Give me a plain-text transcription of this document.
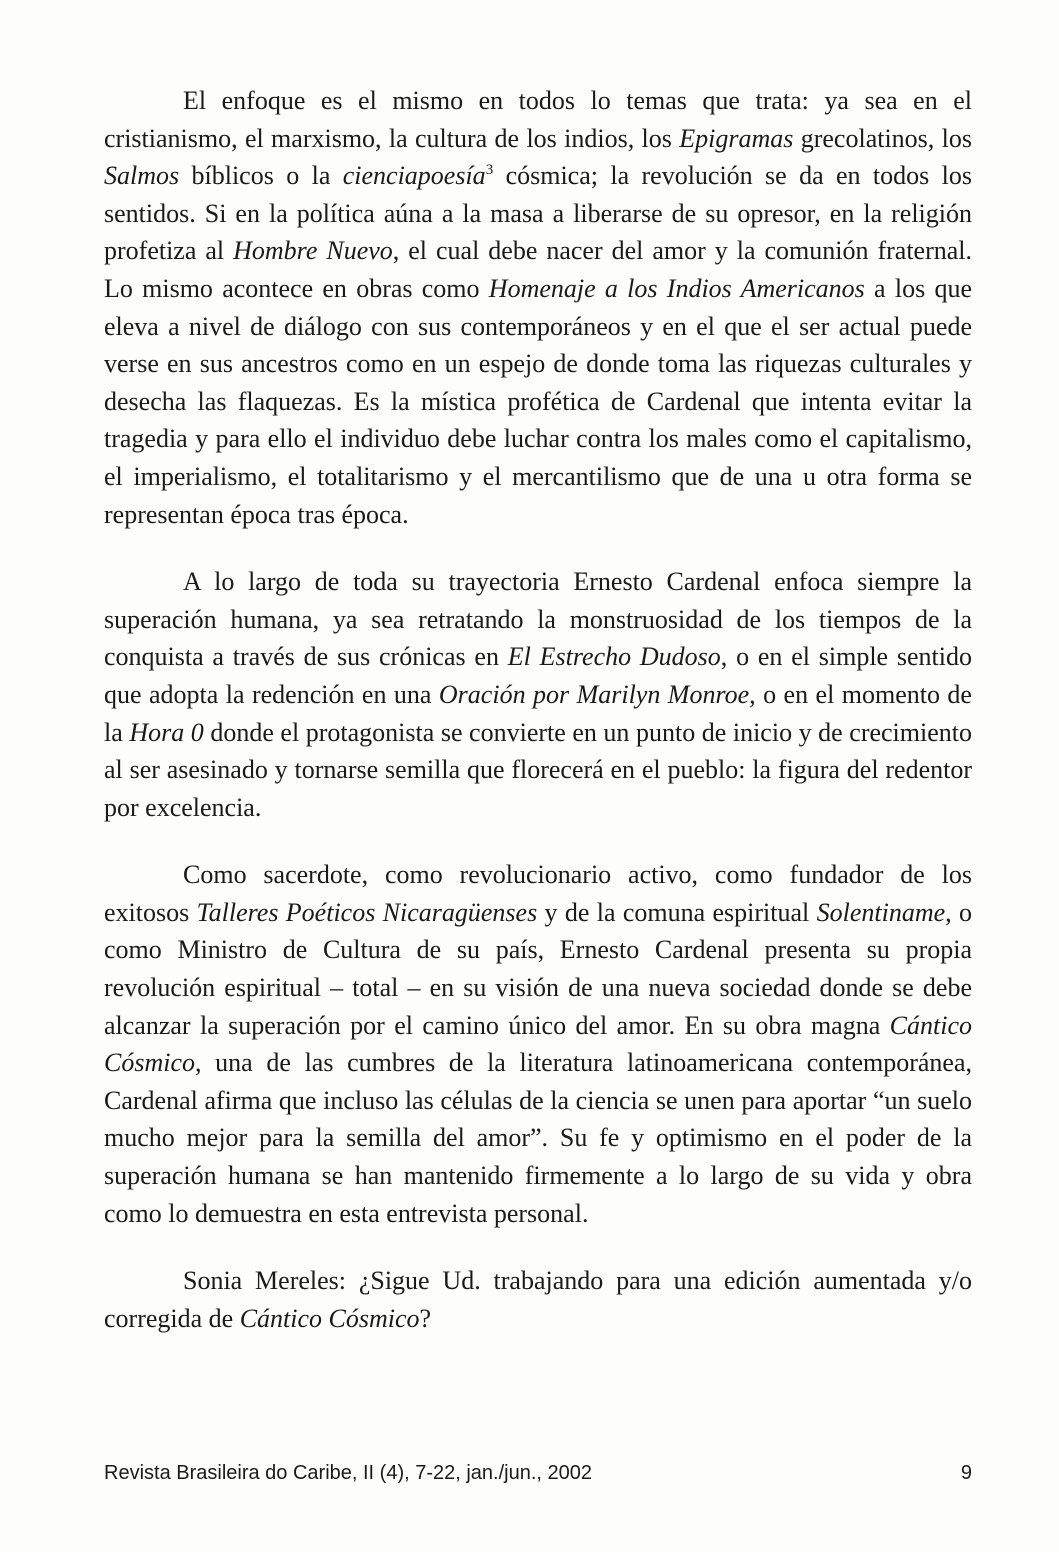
El enfoque es el mismo en todos lo temas que trata: ya sea en el cristianismo, el marxismo, la cultura de los indios, los Epigramas grecolatinos, los Salmos bíblicos o la cienciapoesía$^3$ cósmica; la revolución se da en todos los sentidos. Si en la política aúna a la masa a liberarse de su opresor, en la religión profetiza al Hombre Nuevo, el cual debe nacer del amor y la comunión fraternal. Lo mismo acontece en obras como Homenaje a los Indios Americanos a los que eleva a nivel de diálogo con sus contemporáneos y en el que el ser actual puede verse en sus ancestros como en un espejo de donde toma las riquezas culturales y desecha las flaquezas. Es la mística profética de Cardenal que intenta evitar la tragedia y para ello el individuo debe luchar contra los males como el capitalismo, el imperialismo, el totalitarismo y el mercantilismo que de una u otra forma se representan época tras época.

A lo largo de toda su trayectoria Ernesto Cardenal enfoca siempre la superación humana, ya sea retratando la monstruosidad de los tiempos de la conquista a través de sus crónicas en El Estrecho Dudoso, o en el simple sentido que adopta la redención en una Oración por Marilyn Monroe, o en el momento de la Hora 0 donde el protagonista se convierte en un punto de inicio y de crecimiento al ser asesinado y tornarse semilla que florecerá en el pueblo: la figura del redentor por excelencia.

Como sacerdote, como revolucionario activo, como fundador de los exitosos Talleres Poéticos Nicaragüenses y de la comuna espiritual Solentiname, o como Ministro de Cultura de su país, Ernesto Cardenal presenta su propia revolución espiritual – total – en su visión de una nueva sociedad donde se debe alcanzar la superación por el camino único del amor. En su obra magna Cántico Cósmico, una de las cumbres de la literatura latinoamericana contemporánea, Cardenal afirma que incluso las células de la ciencia se unen para aportar “un suelo mucho mejor para la semilla del amor”. Su fe y optimismo en el poder de la superación humana se han mantenido firmemente a lo largo de su vida y obra como lo demuestra en esta entrevista personal.

Sonia Mereles: ¿Sigue Ud. trabajando para una edición aumentada y/o corregida de Cántico Cósmico?

Revista Brasileira do Caribe, II (4), 7-22, jan./jun., 2002	9
